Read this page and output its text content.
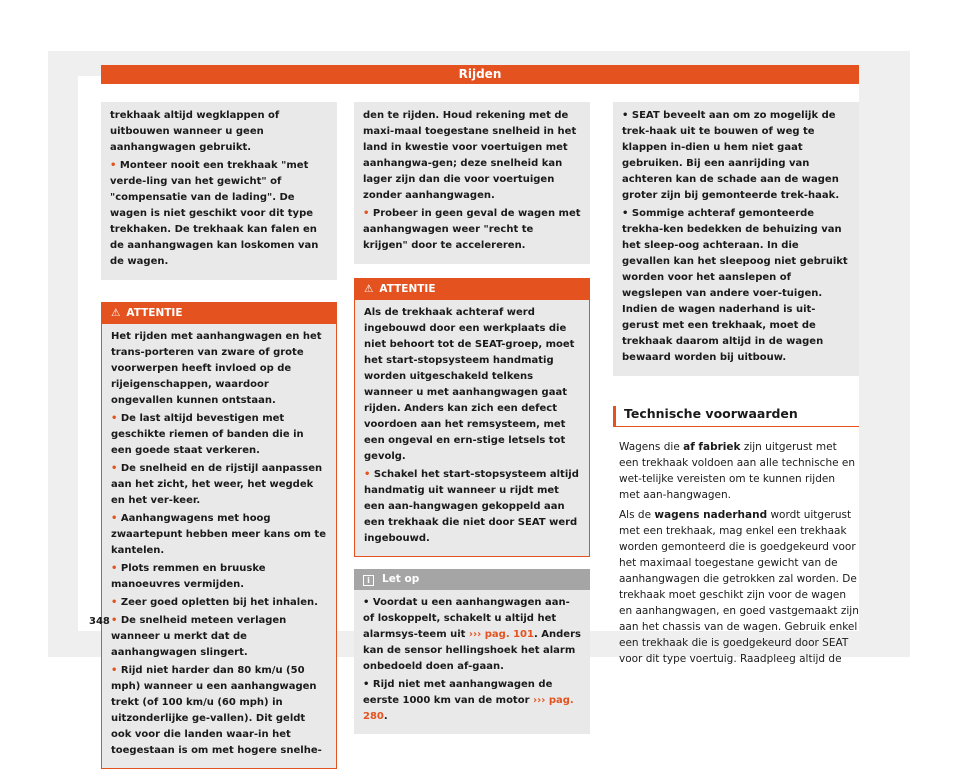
Rijden

trekhaak altijd wegklappen of uitbouwen wanneer u geen aanhangwagen gebruikt.

• Monteer nooit een trekhaak "met verde-ling van het gewicht" of "compensatie van de lading". De wagen is niet geschikt voor dit type trekhaken. De trekhaak kan falen en de aanhangwagen kan loskomen van de wagen.

⚠ ATTENTIE

Het rijden met aanhangwagen en het trans-porteren van zware of grote voorwerpen heeft invloed op de rijeigenschappen, waardoor ongevallen kunnen ontstaan.

• De last altijd bevestigen met geschikte riemen of banden die in een goede staat verkeren.

• De snelheid en de rijstijl aanpassen aan het zicht, het weer, het wegdek en het ver-keer.

• Aanhangwagens met hoog zwaartepunt hebben meer kans om te kantelen.

• Plots remmen en bruuske manoeuvres vermijden.

• Zeer goed opletten bij het inhalen.

• De snelheid meteen verlagen wanneer u merkt dat de aanhangwagen slingert.

• Rijd niet harder dan 80 km/u (50 mph) wanneer u een aanhangwagen trekt (of 100 km/u (60 mph) in uitzonderlijke ge-vallen). Dit geldt ook voor die landen waar-in het toegestaan is om met hogere snelhe-

den te rijden. Houd rekening met de maxi-maal toegestane snelheid in het land in kwestie voor voertuigen met aanhangwa-gen; deze snelheid kan lager zijn dan die voor voertuigen zonder aanhangwagen.

• Probeer in geen geval de wagen met aanhangwagen weer "recht te krijgen" door te accelereren.

⚠ ATTENTIE

Als de trekhaak achteraf werd ingebouwd door een werkplaats die niet behoort tot de SEAT-groep, moet het start-stopsysteem handmatig worden uitgeschakeld telkens wanneer u met aanhangwagen gaat rijden. Anders kan zich een defect voordoen aan het remsysteem, met een ongeval en ern-stige letsels tot gevolg.

• Schakel het start-stopsysteem altijd handmatig uit wanneer u rijdt met een aan-hangwagen gekoppeld aan een trekhaak die niet door SEAT werd ingebouwd.

i Let op

• Voordat u een aanhangwagen aan- of loskoppelt, schakelt u altijd het alarmsys-teem uit ››› pag. 101. Anders kan de sensor hellingshoek het alarm onbedoeld doen af-gaan.

• Rijd niet met aanhangwagen de eerste 1000 km van de motor ››› pag. 280.

• SEAT beveelt aan om zo mogelijk de trek-haak uit te bouwen of weg te klappen in-dien u hem niet gaat gebruiken. Bij een aanrijding van achteren kan de schade aan de wagen groter zijn bij gemonteerde trek-haak.

• Sommige achteraf gemonteerde trekha-ken bedekken de behuizing van het sleep-oog achteraan. In die gevallen kan het sleepoog niet gebruikt worden voor het aanslepen of wegslepen van andere voer-tuigen. Indien de wagen naderhand is uit-gerust met een trekhaak, moet de trekhaak daarom altijd in de wagen bewaard worden bij uitbouw.

Technische voorwaarden

Wagens die af fabriek zijn uitgerust met een trekhaak voldoen aan alle technische en wet-telijke vereisten om te kunnen rijden met aan-hangwagen.

Als de wagens naderhand wordt uitgerust met een trekhaak, mag enkel een trekhaak worden gemonteerd die is goedgekeurd voor het maximaal toegestane gewicht van de aanhangwagen die getrokken zal worden. De trekhaak moet geschikt zijn voor de wagen en aanhangwagen, en goed vastgemaakt zijn aan het chassis van de wagen. Gebruik enkel een trekhaak die is goedgekeurd door SEAT voor dit type voertuig. Raadpleeg altijd de

348
